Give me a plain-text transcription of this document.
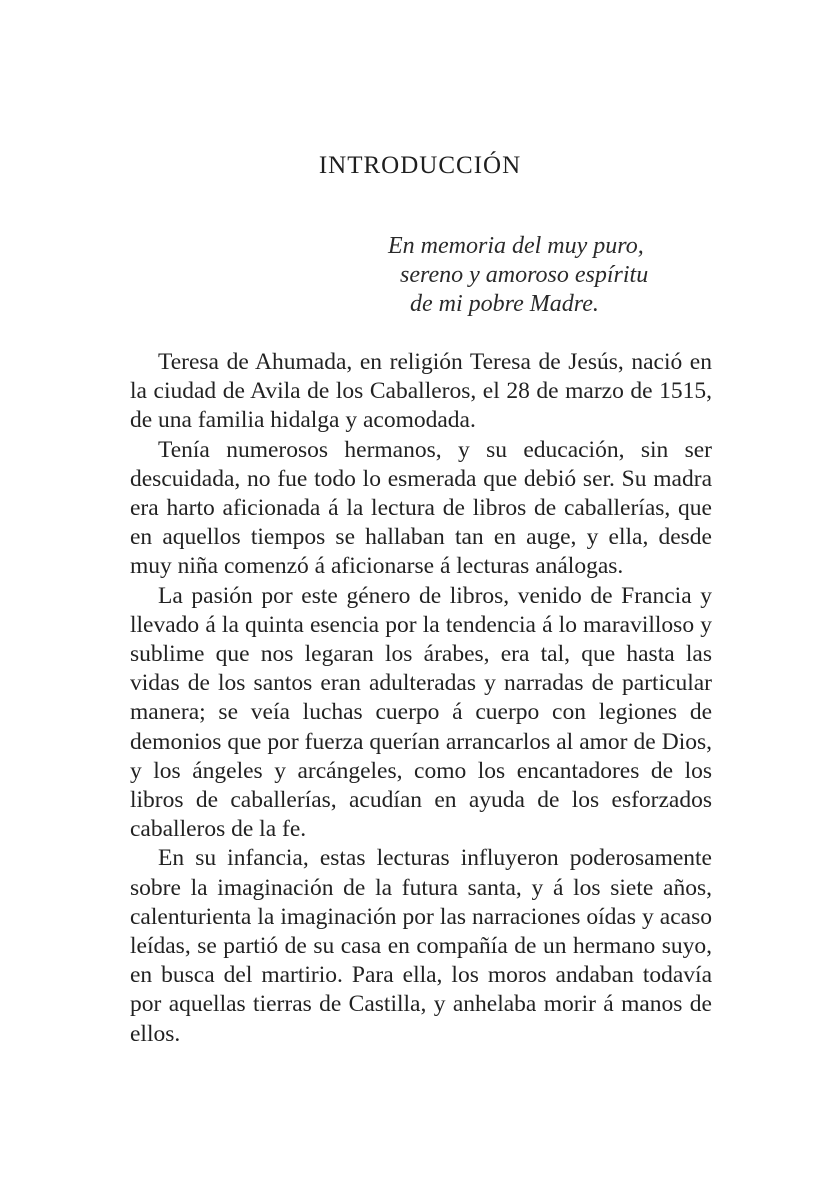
INTRODUCCIÓN
En memoria del muy puro,
sereno y amoroso espíritu
de mi pobre Madre.

Teresa de Ahumada, en religión Teresa de Jesús, nació en la ciudad de Avila de los Caballeros, el 28 de marzo de 1515, de una familia hidalga y acomodada.

Tenía numerosos hermanos, y su educación, sin ser descuidada, no fue todo lo esmerada que debió ser. Su madra era harto aficionada á la lectura de libros de caballerías, que en aquellos tiempos se hallaban tan en auge, y ella, desde muy niña comenzó á aficionarse á lecturas análogas.

La pasión por este género de libros, venido de Francia y llevado á la quinta esencia por la tendencia á lo maravilloso y sublime que nos legaran los árabes, era tal, que hasta las vidas de los santos eran adulteradas y narradas de particular manera; se veía luchas cuerpo á cuerpo con legiones de demonios que por fuerza querían arrancarlos al amor de Dios, y los ángeles y arcángeles, como los encantadores de los libros de caballerías, acudían en ayuda de los esforzados caballeros de la fe.

En su infancia, estas lecturas influyeron poderosamente sobre la imaginación de la futura santa, y á los siete años, calenturienta la imaginación por las narraciones oídas y acaso leídas, se partió de su casa en compañía de un hermano suyo, en busca del martirio. Para ella, los moros andaban todavía por aquellas tierras de Castilla, y anhelaba morir á manos de ellos.
